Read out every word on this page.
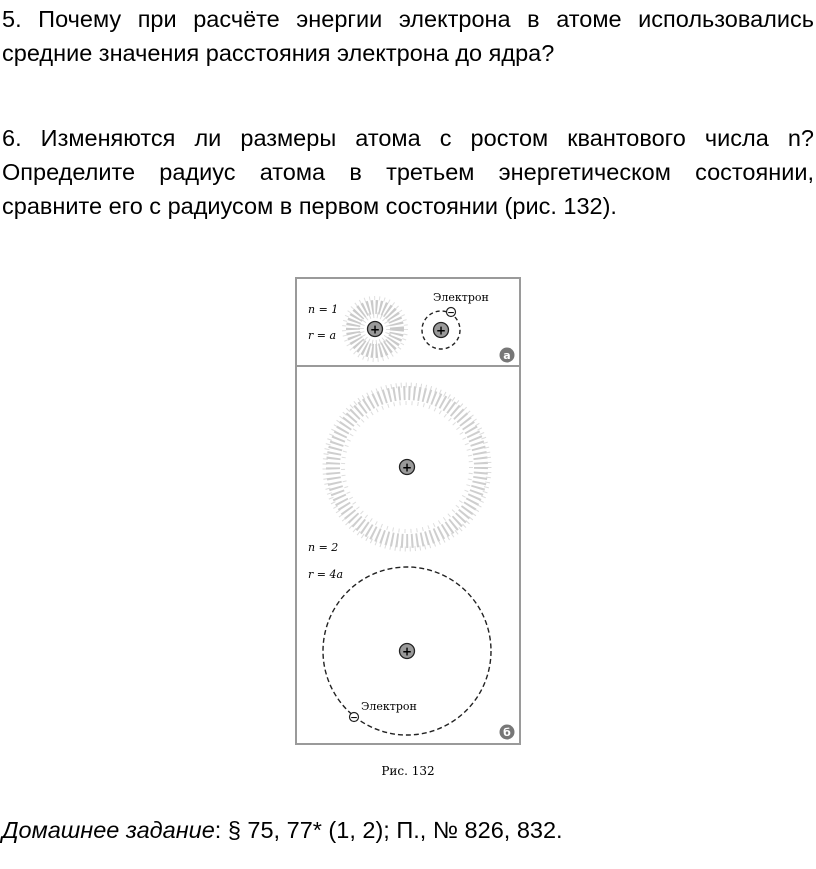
5. Почему при расчёте энергии электрона в атоме использовались средние значения расстояния электрона до ядра?

6. Изменяются ли размеры атома с ростом квантового числа n? Определите радиус атома в третьем энергетическом состоянии, сравните его с радиусом в первом состоянии (рис. 132).

n = 1
r = a	+
Электрон
+
−
а
+
n = 2
r = 4a
+
Электрон
−
б
Рис. 132

Домашнее задание: § 75, 77* (1, 2); П., № 826, 832.
